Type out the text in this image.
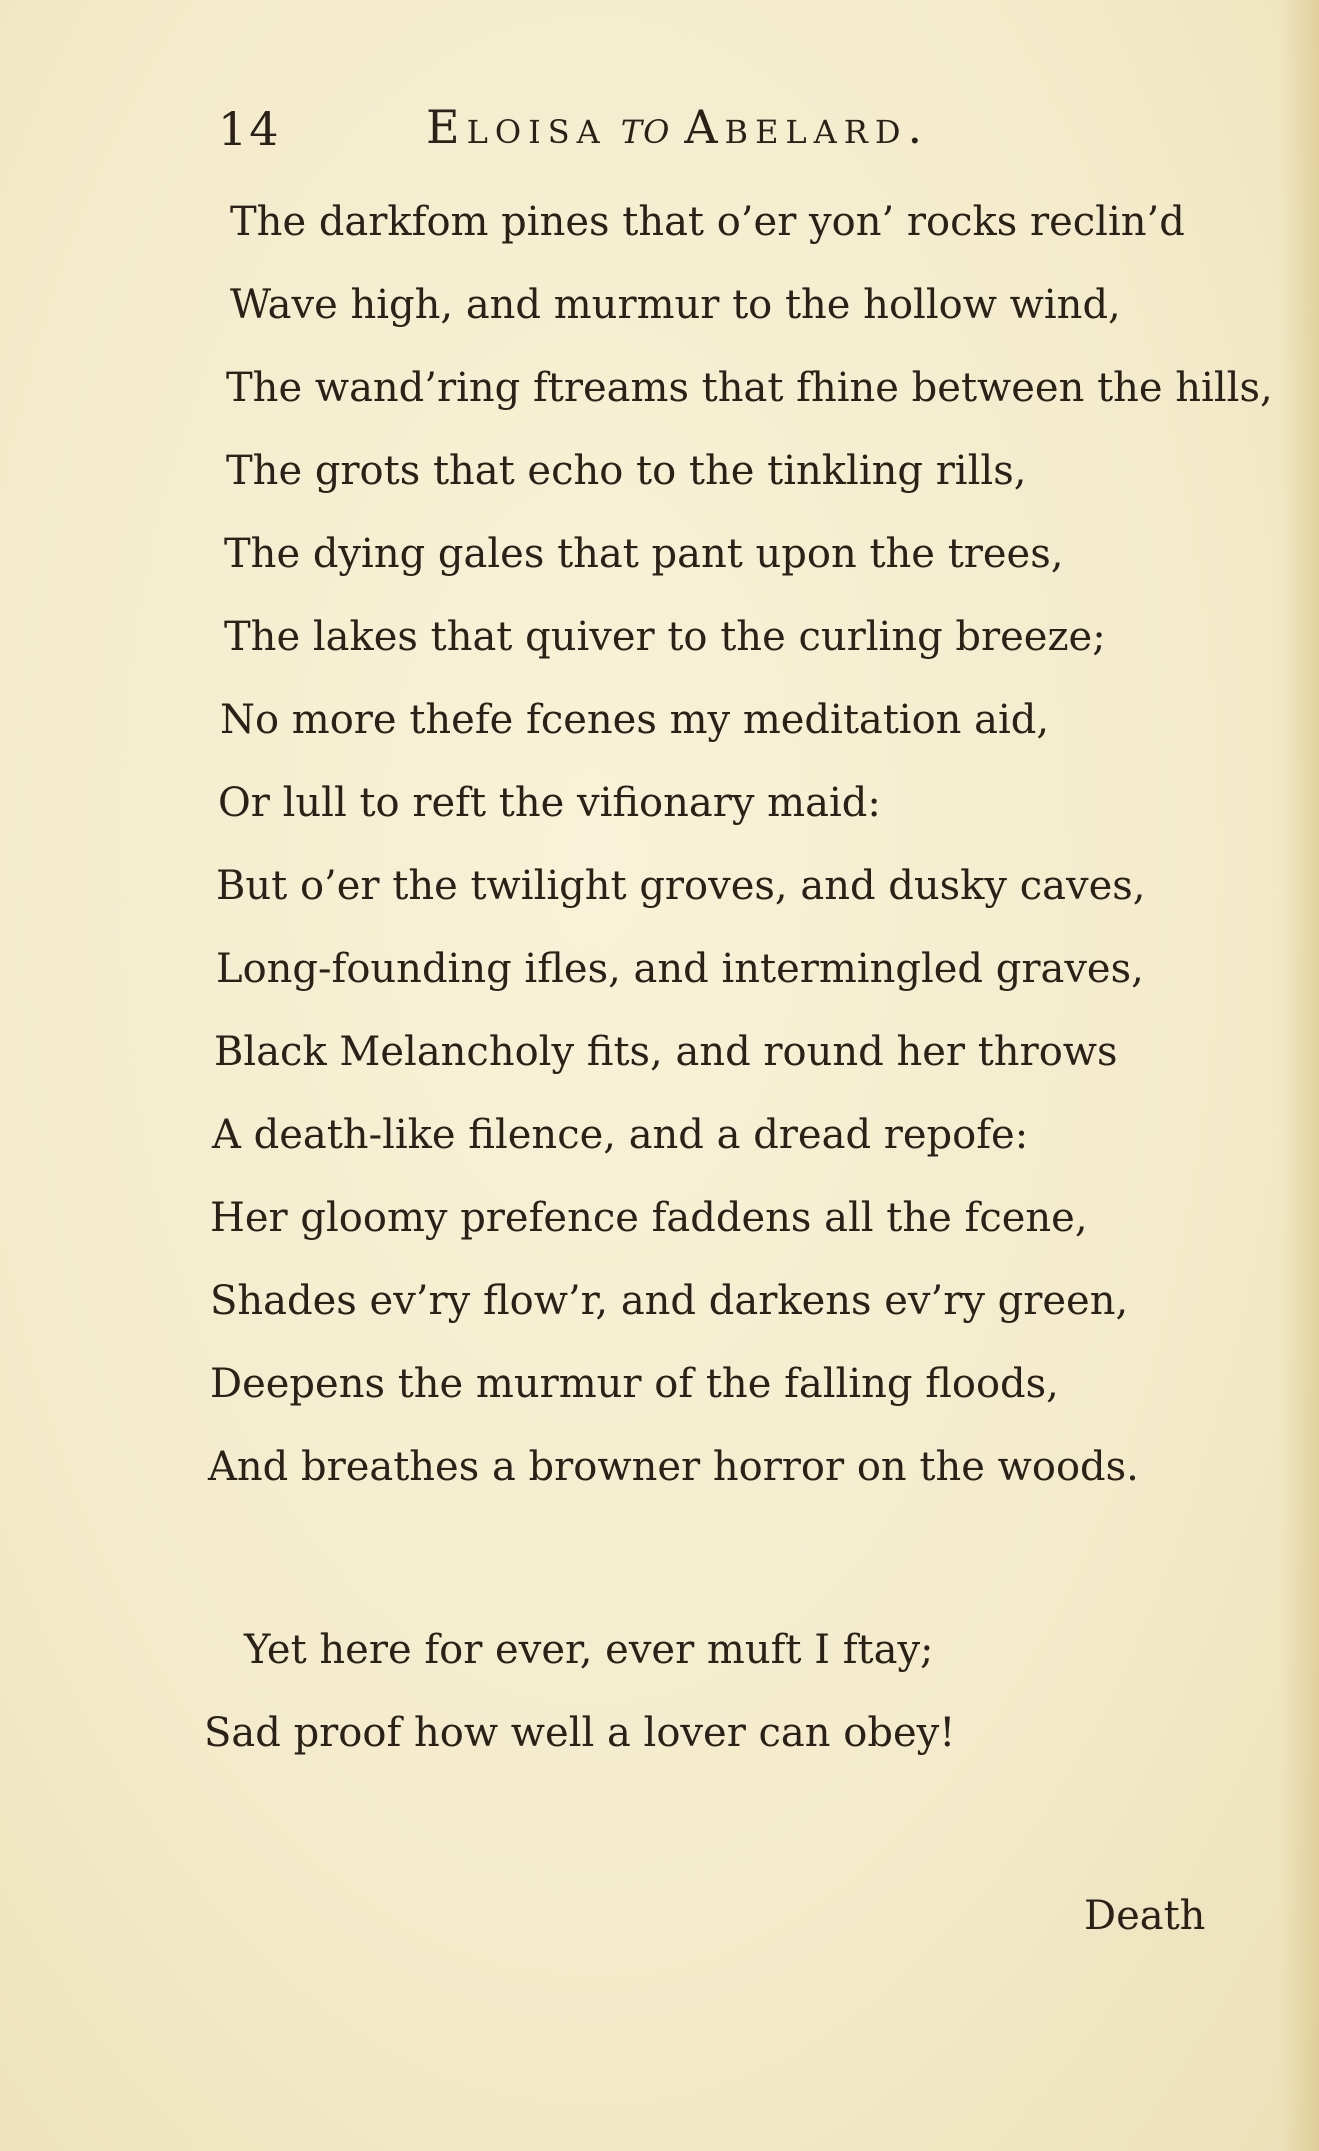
14	Eloisa to Abelard.
The darkfom pines that o’er yon’ rocks reclin’d
Wave high, and murmur to the hollow wind,
The wand’ring ftreams that fhine between the hills,
The grots that echo to the tinkling rills,
The dying gales that pant upon the trees,
The lakes that quiver to the curling breeze;
No more thefe fcenes my meditation aid,
Or lull to reft the vifionary maid:
But o’er the twilight groves, and dusky caves,
Long-founding ifles, and intermingled graves,
Black Melancholy fits, and round her throws
A death-like filence, and a dread repofe:
Her gloomy prefence faddens all the fcene,
Shades ev’ry flow’r, and darkens ev’ry green,
Deepens the murmur of the falling floods,
And breathes a browner horror on the woods.
Yet here for ever, ever muft I ftay;
Sad proof how well a lover can obey!
Death
